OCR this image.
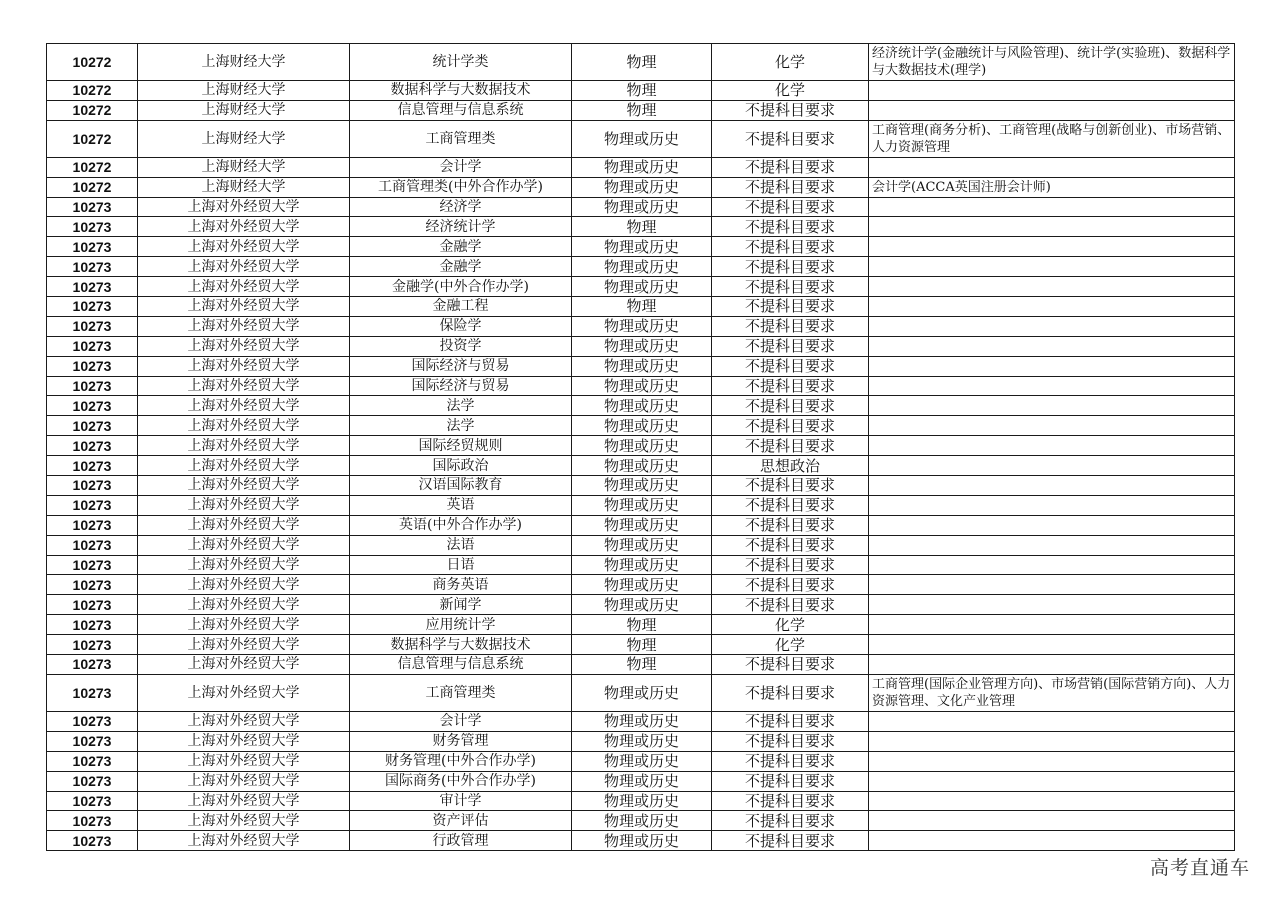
10272	上海财经大学	统计学类	物理	化学	经济统计学(金融统计与风险管理)、统计学(实验班)、数据科学与大数据技术(理学)
10272	上海财经大学	数据科学与大数据技术	物理	化学	
10272	上海财经大学	信息管理与信息系统	物理	不提科目要求	
10272	上海财经大学	工商管理类	物理或历史	不提科目要求	工商管理(商务分析)、工商管理(战略与创新创业)、市场营销、人力资源管理
10272	上海财经大学	会计学	物理或历史	不提科目要求	
10272	上海财经大学	工商管理类(中外合作办学)	物理或历史	不提科目要求	会计学(ACCA英国注册会计师)
10273	上海对外经贸大学	经济学	物理或历史	不提科目要求	
10273	上海对外经贸大学	经济统计学	物理	不提科目要求	
10273	上海对外经贸大学	金融学	物理或历史	不提科目要求	
10273	上海对外经贸大学	金融学	物理或历史	不提科目要求	
10273	上海对外经贸大学	金融学(中外合作办学)	物理或历史	不提科目要求	
10273	上海对外经贸大学	金融工程	物理	不提科目要求	
10273	上海对外经贸大学	保险学	物理或历史	不提科目要求	
10273	上海对外经贸大学	投资学	物理或历史	不提科目要求	
10273	上海对外经贸大学	国际经济与贸易	物理或历史	不提科目要求	
10273	上海对外经贸大学	国际经济与贸易	物理或历史	不提科目要求	
10273	上海对外经贸大学	法学	物理或历史	不提科目要求	
10273	上海对外经贸大学	法学	物理或历史	不提科目要求	
10273	上海对外经贸大学	国际经贸规则	物理或历史	不提科目要求	
10273	上海对外经贸大学	国际政治	物理或历史	思想政治	
10273	上海对外经贸大学	汉语国际教育	物理或历史	不提科目要求	
10273	上海对外经贸大学	英语	物理或历史	不提科目要求	
10273	上海对外经贸大学	英语(中外合作办学)	物理或历史	不提科目要求	
10273	上海对外经贸大学	法语	物理或历史	不提科目要求	
10273	上海对外经贸大学	日语	物理或历史	不提科目要求	
10273	上海对外经贸大学	商务英语	物理或历史	不提科目要求	
10273	上海对外经贸大学	新闻学	物理或历史	不提科目要求	
10273	上海对外经贸大学	应用统计学	物理	化学	
10273	上海对外经贸大学	数据科学与大数据技术	物理	化学	
10273	上海对外经贸大学	信息管理与信息系统	物理	不提科目要求	
10273	上海对外经贸大学	工商管理类	物理或历史	不提科目要求	工商管理(国际企业管理方向)、市场营销(国际营销方向)、人力资源管理、文化产业管理
10273	上海对外经贸大学	会计学	物理或历史	不提科目要求	
10273	上海对外经贸大学	财务管理	物理或历史	不提科目要求	
10273	上海对外经贸大学	财务管理(中外合作办学)	物理或历史	不提科目要求	
10273	上海对外经贸大学	国际商务(中外合作办学)	物理或历史	不提科目要求	
10273	上海对外经贸大学	审计学	物理或历史	不提科目要求	
10273	上海对外经贸大学	资产评估	物理或历史	不提科目要求	
10273	上海对外经贸大学	行政管理	物理或历史	不提科目要求	
高考直通车
